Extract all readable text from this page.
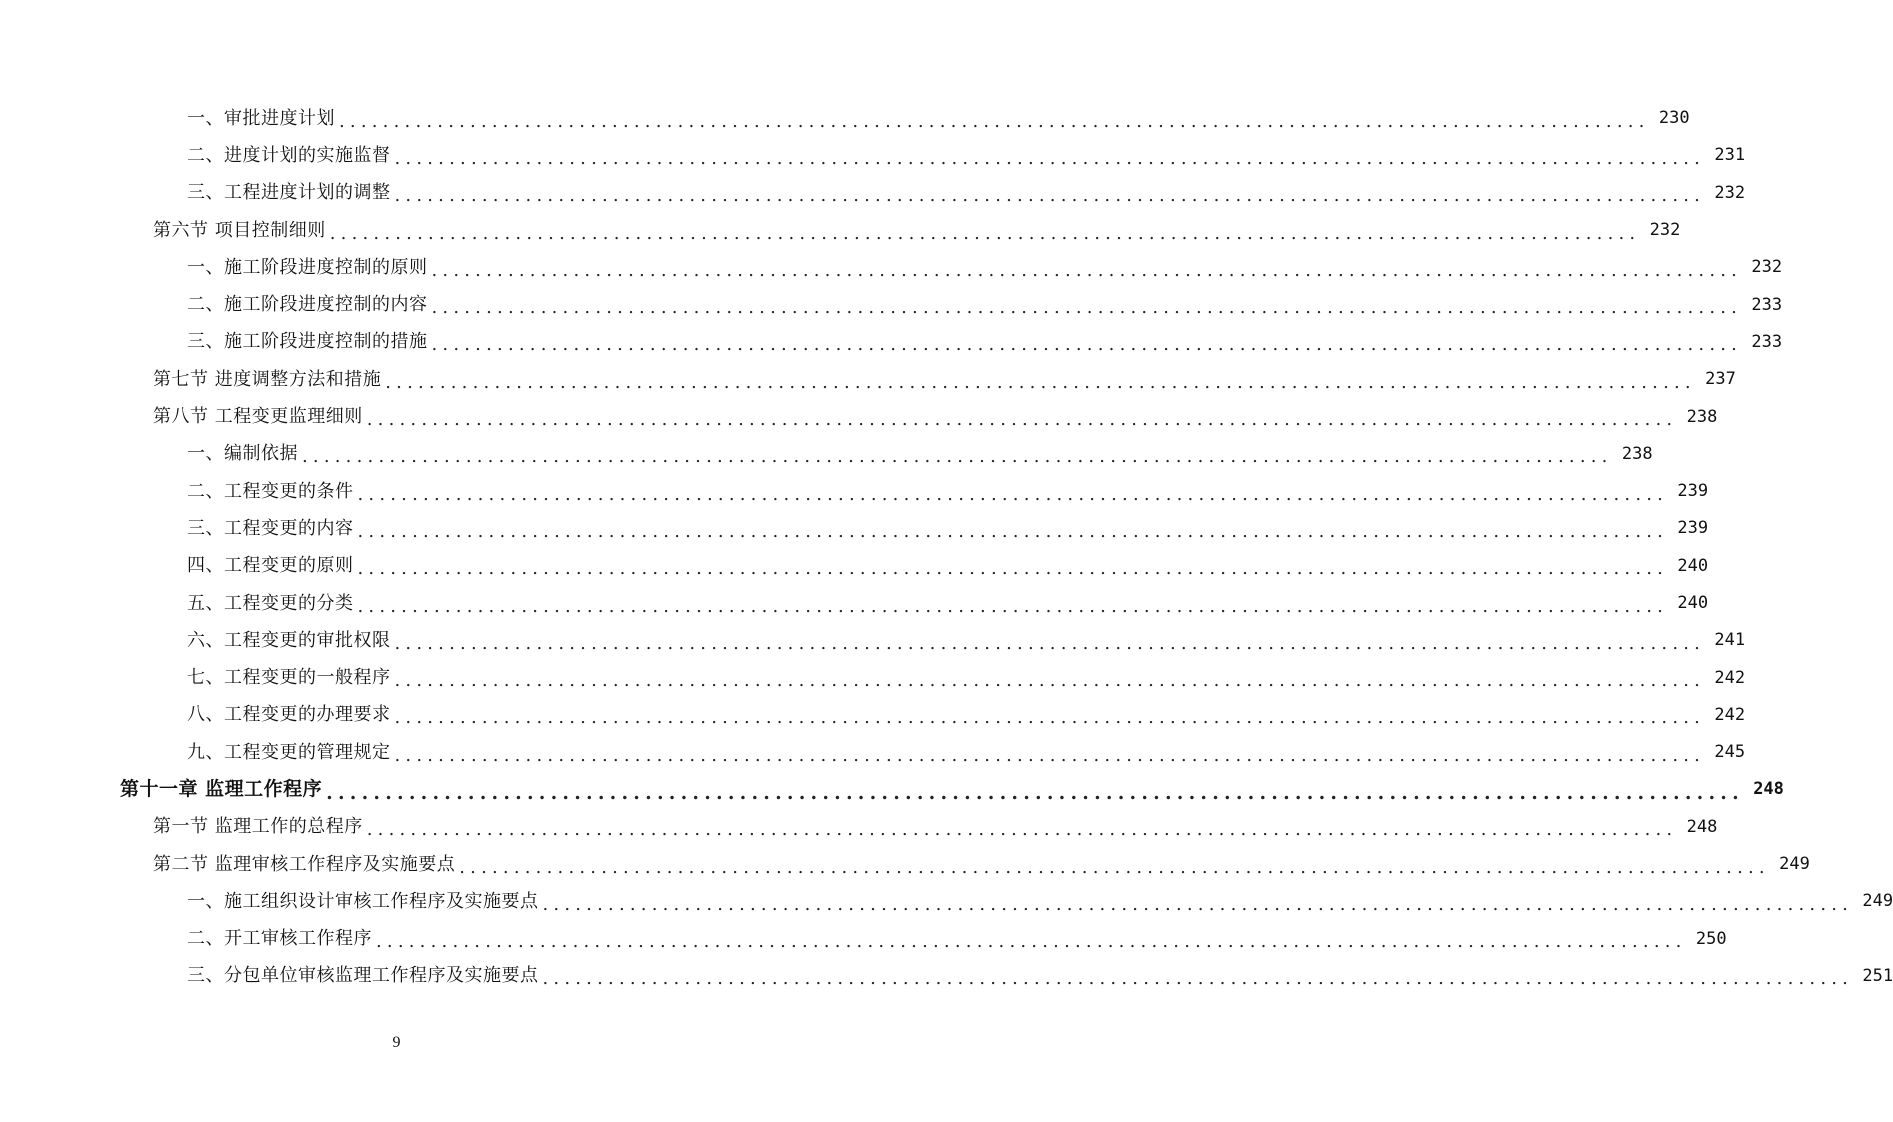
一、审批进度计划 ........................................................................................................................ 230
二、进度计划的实施监督 ........................................................................................................................ 231
三、工程进度计划的调整 ........................................................................................................................ 232
第六节 项目控制细则 ........................................................................................................................ 232
一、施工阶段进度控制的原则 ........................................................................................................................ 232
二、施工阶段进度控制的内容 ........................................................................................................................ 233
三、施工阶段进度控制的措施 ........................................................................................................................ 233
第七节 进度调整方法和措施 ........................................................................................................................ 237
第八节 工程变更监理细则 ........................................................................................................................ 238
一、编制依据 ........................................................................................................................ 238
二、工程变更的条件 ........................................................................................................................ 239
三、工程变更的内容 ........................................................................................................................ 239
四、工程变更的原则 ........................................................................................................................ 240
五、工程变更的分类 ........................................................................................................................ 240
六、工程变更的审批权限 ........................................................................................................................ 241
七、工程变更的一般程序 ........................................................................................................................ 242
八、工程变更的办理要求 ........................................................................................................................ 242
九、工程变更的管理规定 ........................................................................................................................ 245
第十一章 监理工作程序 ........................................................................................................................ 248
第一节 监理工作的总程序 ........................................................................................................................ 248
第二节 监理审核工作程序及实施要点 ........................................................................................................................ 249
一、施工组织设计审核工作程序及实施要点 ........................................................................................................................ 249
二、开工审核工作程序 ........................................................................................................................ 250
三、分包单位审核监理工作程序及实施要点 ........................................................................................................................ 251
9
